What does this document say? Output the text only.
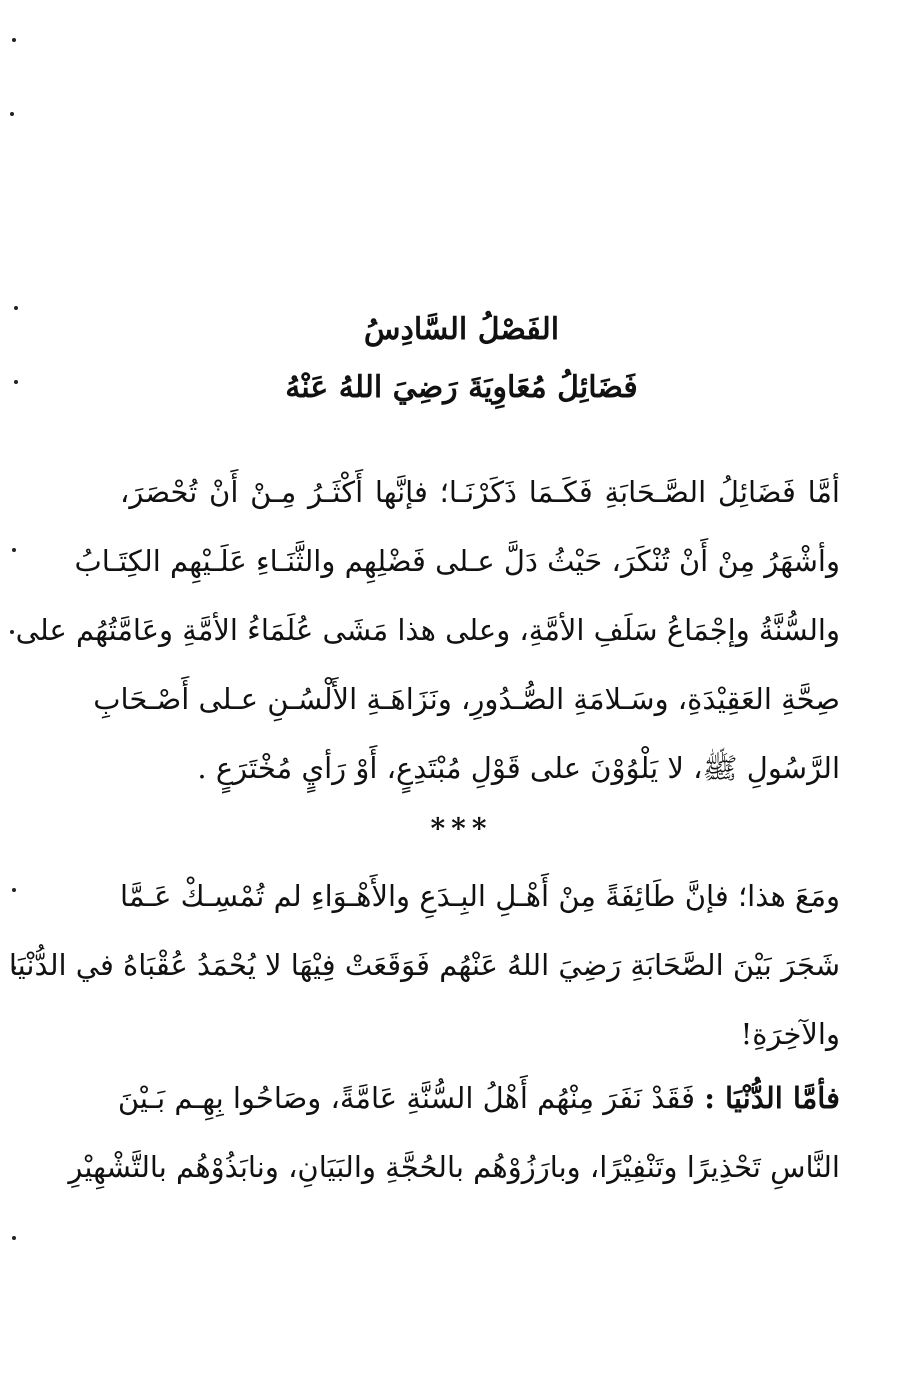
الفَصْلُ السَّادِسُ
فَضَائِلُ مُعَاوِيَةَ رَضِيَ اللهُ عَنْهُ
أمَّا فَضَائِلُ الصَّـحَابَةِ فَكَـمَا ذَكَرْنَـا؛ فإنَّها أَكْثَـرُ مِـنْ أَنْ تُحْصَرَ،
وأشْهَرُ مِنْ أَنْ تُنْكَرَ، حَيْثُ دَلَّ عـلى فَضْلِهِم والثَّنَـاءِ عَلَـيْهِم الكِتَـابُ
والسُّنَّةُ وإجْمَاعُ سَلَفِ الأمَّةِ، وعلى هذا مَشَى عُلَمَاءُ الأمَّةِ وعَامَّتُهُم على
صِحَّةِ العَقِيْدَةِ، وسَـلامَةِ الصُّـدُورِ، ونَزَاهَـةِ الأَلْسُـنِ عـلى أَصْـحَابِ
الرَّسُولِ ﷺ، لا يَلْوُوْنَ على قَوْلِ مُبْتَدِعٍ، أَوْ رَأيٍ مُخْتَرَعٍ .
***
ومَعَ هذا؛ فإنَّ طَائِفَةً مِنْ أَهْـلِ البِـدَعِ والأَهْـوَاءِ لم تُمْسِـكْ عَـمَّا
شَجَرَ بَيْنَ الصَّحَابَةِ رَضِيَ اللهُ عَنْهُم فَوَقَعَتْ فِيْهَا لا يُحْمَدُ عُقْبَاهُ في الدُّنْيَا
والآخِرَةِ!
فأمَّا الدُّنْيَا : فَقَدْ نَفَرَ مِنْهُم أَهْلُ السُّنَّةِ عَامَّةً، وصَاحُوا بِهِـم بَـيْنَ
النَّاسِ تَحْذِيرًا وتَنْفِيْرًا، وبارَزُوْهُم بالحُجَّةِ والبَيَانِ، ونابَذُوْهُم بالتَّشْهِيْرِ
